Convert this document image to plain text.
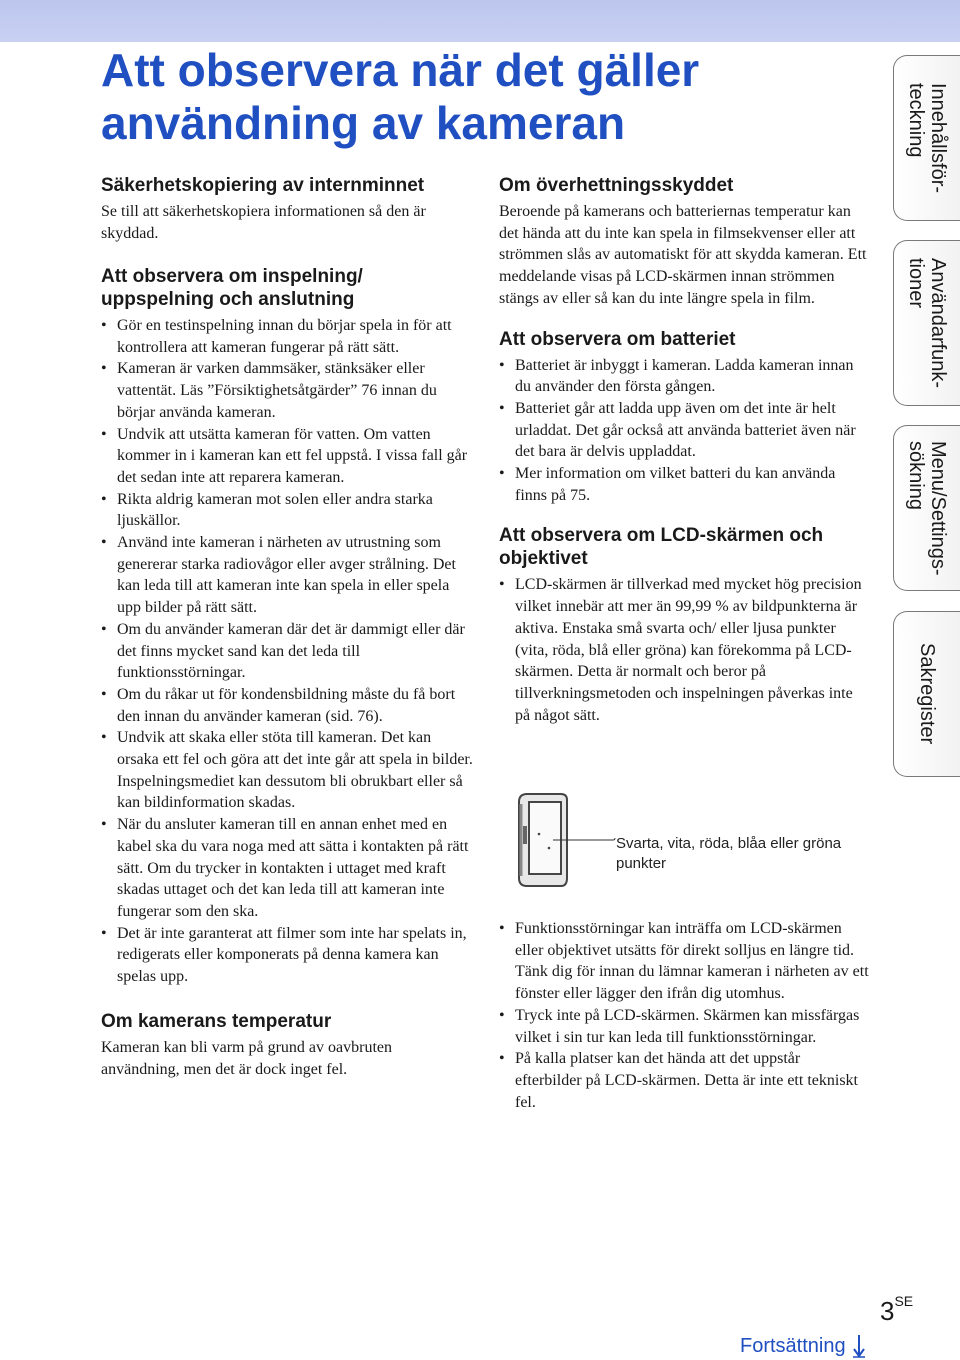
Att observera när det gäller
användning av kameran
Säkerhetskopiering av internminnet

Se till att säkerhetskopiera informationen så den är skyddad.

Att observera om inspelning/
uppspelning och anslutning
• Gör en testinspelning innan du börjar spela in för att kontrollera att kameran fungerar på rätt sätt.
• Kameran är varken dammsäker, stänksäker eller vattentät. Läs ”Försiktighetsåtgärder” 76 innan du börjar använda kameran.
• Undvik att utsätta kameran för vatten. Om vatten kommer in i kameran kan ett fel uppstå. I vissa fall går det sedan inte att reparera kameran.
• Rikta aldrig kameran mot solen eller andra starka ljuskällor.
• Använd inte kameran i närheten av utrustning som genererar starka radiovågor eller avger strålning. Det kan leda till att kameran inte kan spela in eller spela upp bilder på rätt sätt.
• Om du använder kameran där det är dammigt eller där det finns mycket sand kan det leda till funktionsstörningar.
• Om du råkar ut för kondensbildning måste du få bort den innan du använder kameran (sid. 76).
• Undvik att skaka eller stöta till kameran. Det kan orsaka ett fel och göra att det inte går att spela in bilder. Inspelningsmediet kan dessutom bli obrukbart eller så kan bildinformation skadas.
• När du ansluter kameran till en annan enhet med en kabel ska du vara noga med att sätta i kontakten på rätt sätt. Om du trycker in kontakten i uttaget med kraft skadas uttaget och det kan leda till att kameran inte fungerar som den ska.
• Det är inte garanterat att filmer som inte har spelats in, redigerats eller komponerats på denna kamera kan spelas upp.
Om kamerans temperatur

Kameran kan bli varm på grund av oavbruten användning, men det är dock inget fel.

Om överhettningsskyddet

Beroende på kamerans och batteriernas temperatur kan det hända att du inte kan spela in filmsekvenser eller att strömmen slås av automatiskt för att skydda kameran. Ett meddelande visas på LCD-skärmen innan strömmen stängs av eller så kan du inte längre spela in film.

Att observera om batteriet
• Batteriet är inbyggt i kameran. Ladda kameran innan du använder den första gången.
• Batteriet går att ladda upp även om det inte är helt urladdat. Det går också att använda batteriet även när det bara är delvis uppladdat.
• Mer information om vilket batteri du kan använda finns på 75.
Att observera om LCD-skärmen och
objektivet
• LCD-skärmen är tillverkad med mycket hög precision vilket innebär att mer än 99,99 % av bildpunkterna är aktiva. Enstaka små svarta och/ eller ljusa punkter (vita, röda, blå eller gröna) kan förekomma på LCD-skärmen. Detta är normalt och beror på tillverkningsmetoden och inspelningen påverkas inte på något sätt.
Svarta, vita, röda, blåa eller gröna punkter
• Funktionsstörningar kan inträffa om LCD-skärmen eller objektivet utsätts för direkt solljus en längre tid. Tänk dig för innan du lämnar kameran i närheten av ett fönster eller lägger den ifrån dig utomhus.
• Tryck inte på LCD-skärmen. Skärmen kan missfärgas vilket i sin tur kan leda till funktionsstörningar.
• På kalla platser kan det hända att det uppstår efterbilder på LCD-skärmen. Detta är inte ett tekniskt fel.
Innehållsför-
teckning
Användarfunk-
tioner
Menu/Settings-
sökning
Sakregister
$3^{SE}$
Fortsättning
